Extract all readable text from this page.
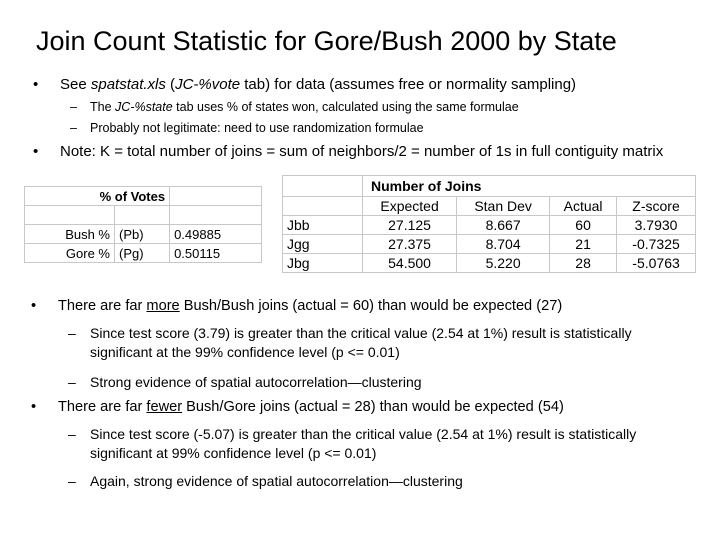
Join Count Statistic for Gore/Bush 2000 by State
• See spatstat.xls (JC-%vote tab) for data (assumes free or normality sampling)
– The JC-%state tab uses % of states won, calculated using the same formulae
– Probably not legitimate: need to use randomization formulae
• Note: K = total number of joins = sum of neighbors/2 = number of 1s in full contiguity matrix
% of Votes		

Bush %	(Pb)	0.49885
Gore %	(Pg)	0.50115
	Number of Joins			
	Expected	Stan Dev	Actual	Z-score
Jbb	27.125	8.667	60	3.7930
Jgg	27.375	8.704	21	-0.7325
Jbg	54.500	5.220	28	-5.0763
• There are far more Bush/Bush joins (actual = 60) than would be expected (27)
– Since test score (3.79) is greater than the critical value (2.54 at 1%) result is statistically significant at the 99% confidence level (p <= 0.01)
– Strong evidence of spatial autocorrelation—clustering
• There are far fewer Bush/Gore joins (actual = 28) than would be expected (54)
– Since test score (-5.07) is greater than the critical value (2.54 at 1%) result is statistically significant at 99% confidence level (p <= 0.01)
– Again, strong evidence of spatial autocorrelation—clustering
